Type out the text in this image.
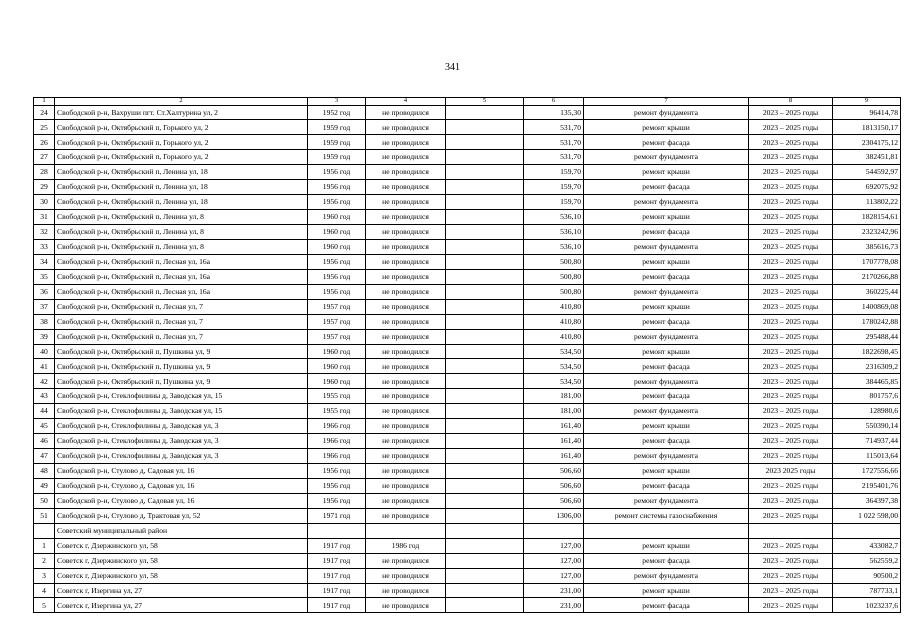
341
1	2	3	4	5	6	7	8	9
24	Свободской р-н, Вахруши пгт. Ст.Халтурина ул, 2	1952 год	не проводился		135,30	ремонт фундамента	2023 – 2025 годы	96414,78
25	Свободской р-н, Октябрьский п, Горького ул, 2	1959 год	не проводился		531,70	ремонт крыши	2023 – 2025 годы	1813150,17
26	Свободской р-н, Октябрьский п, Горького ул, 2	1959 год	не проводился		531,70	ремонт фасада	2023 – 2025 годы	2304175,12
27	Свободской р-н, Октябрьский п, Горького ул, 2	1959 год	не проводился		531,70	ремонт фундамента	2023 – 2025 годы	382451,81
28	Свободской р-н, Октябрьский п, Ленина ул, 18	1956 год	не проводился		159,70	ремонт крыши	2023 – 2025 годы	544592,97
29	Свободской р-н, Октябрьский п, Ленина ул, 18	1956 год	не проводился		159,70	ремонт фасада	2023 – 2025 годы	692075,92
30	Свободской р-н, Октябрьский п, Ленина ул, 18	1956 год	не проводился		159,70	ремонт фундамента	2023 – 2025 годы	113802,22
31	Свободской р-н, Октябрьский п, Ленина ул, 8	1960 год	не проводился		536,10	ремонт крыши	2023 – 2025 годы	1828154,61
32	Свободской р-н, Октябрьский п, Ленина ул, 8	1960 год	не проводился		536,10	ремонт фасада	2023 – 2025 годы	2323242,96
33	Свободской р-н, Октябрьский п, Ленина ул, 8	1960 год	не проводился		536,10	ремонт фундамента	2023 – 2025 годы	385616,73
34	Свободской р-н, Октябрьский п, Лесная ул, 16а	1956 год	не проводился		500,80	ремонт крыши	2023 – 2025 годы	1707778,08
35	Свободской р-н, Октябрьский п, Лесная ул, 16а	1956 год	не проводился		500,80	ремонт фасада	2023 – 2025 годы	2170266,88
36	Свободской р-н, Октябрьский п, Лесная ул, 16а	1956 год	не проводился		500,80	ремонт фундамента	2023 – 2025 годы	360225,44
37	Свободской р-н, Октябрьский п, Лесная ул, 7	1957 год	не проводился		410,80	ремонт крыши	2023 – 2025 годы	1400869,08
38	Свободской р-н, Октябрьский п, Лесная ул, 7	1957 год	не проводился		410,80	ремонт фасада	2023 – 2025 годы	1780242,88
39	Свободской р-н, Октябрьский п, Лесная ул, 7	1957 год	не проводился		410,80	ремонт фундамента	2023 – 2025 годы	295488,44
40	Свободской р-н, Октябрьский п, Пушкина ул, 9	1960 год	не проводился		534,50	ремонт крыши	2023 – 2025 годы	1822698,45
41	Свободской р-н, Октябрьский п, Пушкина ул, 9	1960 год	не проводился		534,50	ремонт фасада	2023 – 2025 годы	2316309,2
42	Свободской р-н, Октябрьский п, Пушкина ул, 9	1960 год	не проводился		534,50	ремонт фундамента	2023 – 2025 годы	384465,85
43	Свободской р-н, Стеклофилины д, Заводская ул, 15	1955 год	не проводился		181,00	ремонт фасада	2023 – 2025 годы	801757,6
44	Свободской р-н, Стеклофилины д, Заводская ул, 15	1955 год	не проводился		181,00	ремонт фундамента	2023 – 2025 годы	128980,6
45	Свободской р-н, Стеклофилины д, Заводская ул, 3	1966 год	не проводился		161,40	ремонт крыши	2023 – 2025 годы	550390,14
46	Свободской р-н, Стеклофилины д, Заводская ул, 3	1966 год	не проводился		161,40	ремонт фасада	2023 – 2025 годы	714937,44
47	Свободской р-н, Стеклофилины д, Заводская ул, 3	1966 год	не проводился		161,40	ремонт фундамента	2023 – 2025 годы	115013,64
48	Свободской р-н, Стулово д, Садовая ул, 16	1956 год	не проводился		506,60	ремонт крыши	2023 2025 годы	1727556,66
49	Свободской р-н, Стулово д, Садовая ул, 16	1956 год	не проводился		506,60	ремонт фасада	2023 – 2025 годы	2195401,76
50	Свободской р-н, Стулово д, Садовая ул, 16	1956 год	не проводился		506,60	ремонт фундамента	2023 – 2025 годы	364397,38
51	Свободской р-н, Стулово д, Трактовая ул, 52	1971 год	не проводился		1306,00	ремонт системы газоснабжения	2023 – 2025 годы	1 022 598,00
	Советский муниципальный район							
1	Советск г, Дзержинского ул, 58	1917 год	1986 год		127,00	ремонт крыши	2023 – 2025 годы	433082,7
2	Советск г, Дзержинского ул, 58	1917 год	не проводился		127,00	ремонт фасада	2023 – 2025 годы	562559,2
3	Советск г, Дзержинского ул, 58	1917 год	не проводился		127,00	ремонт фундамента	2023 – 2025 годы	90500,2
4	Советск г, Изергина ул, 27	1917 год	не проводился		231,00	ремонт крыши	2023 – 2025 годы	787733,1
5	Советск г, Изергина ул, 27	1917 год	не проводился		231,00	ремонт фасада	2023 – 2025 годы	1023237,6
